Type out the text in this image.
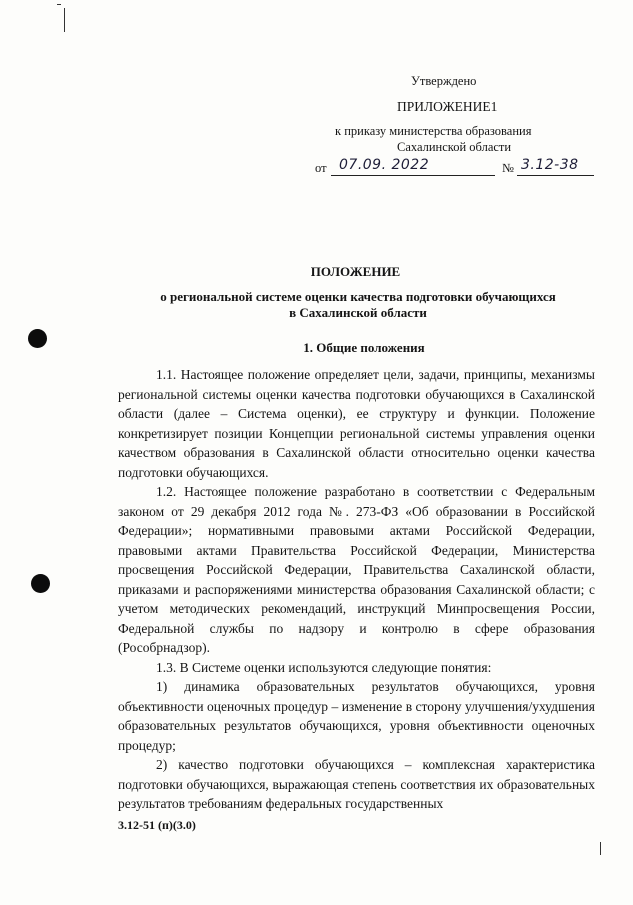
Утверждено
ПРИЛОЖЕНИЕ1
к приказу министерства образования
Сахалинской области
от 07.09. 2022	№ 3.12-38
ПОЛОЖЕНИЕ
о региональной системе оценки качества подготовки обучающихся
в Сахалинской области
1. Общие положения

1.1. Настоящее положение определяет цели, задачи, принципы, механизмы региональной системы оценки качества подготовки обучающихся в Сахалинской области (далее – Система оценки), ее структуру и функции. Положение конкретизирует позиции Концепции региональной системы управления оценки качеством образования в Сахалинской области относительно оценки качества подготовки обучающихся.

1.2. Настоящее положение разработано в соответствии с Федеральным законом от 29 декабря 2012 года №. 273-ФЗ «Об образовании в Российской Федерации»; нормативными правовыми актами Российской Федерации, правовыми актами Правительства Российской Федерации, Министерства просвещения Российской Федерации, Правительства Сахалинской области, приказами и распоряжениями министерства образования Сахалинской области; с учетом методических рекомендаций, инструкций Минпросвещения России, Федеральной службы по надзору и контролю в сфере образования (Рособрнадзор).

1.3. В Системе оценки используются следующие понятия:

1) динамика образовательных результатов обучающихся, уровня объективности оценочных процедур – изменение в сторону улучшения/ухудшения образовательных результатов обучающихся, уровня объективности оценочных процедур;

2) качество подготовки обучающихся – комплексная характеристика подготовки обучающихся, выражающая степень соответствия их образовательных результатов требованиям федеральных государственных

3.12-51 (п)(3.0)
